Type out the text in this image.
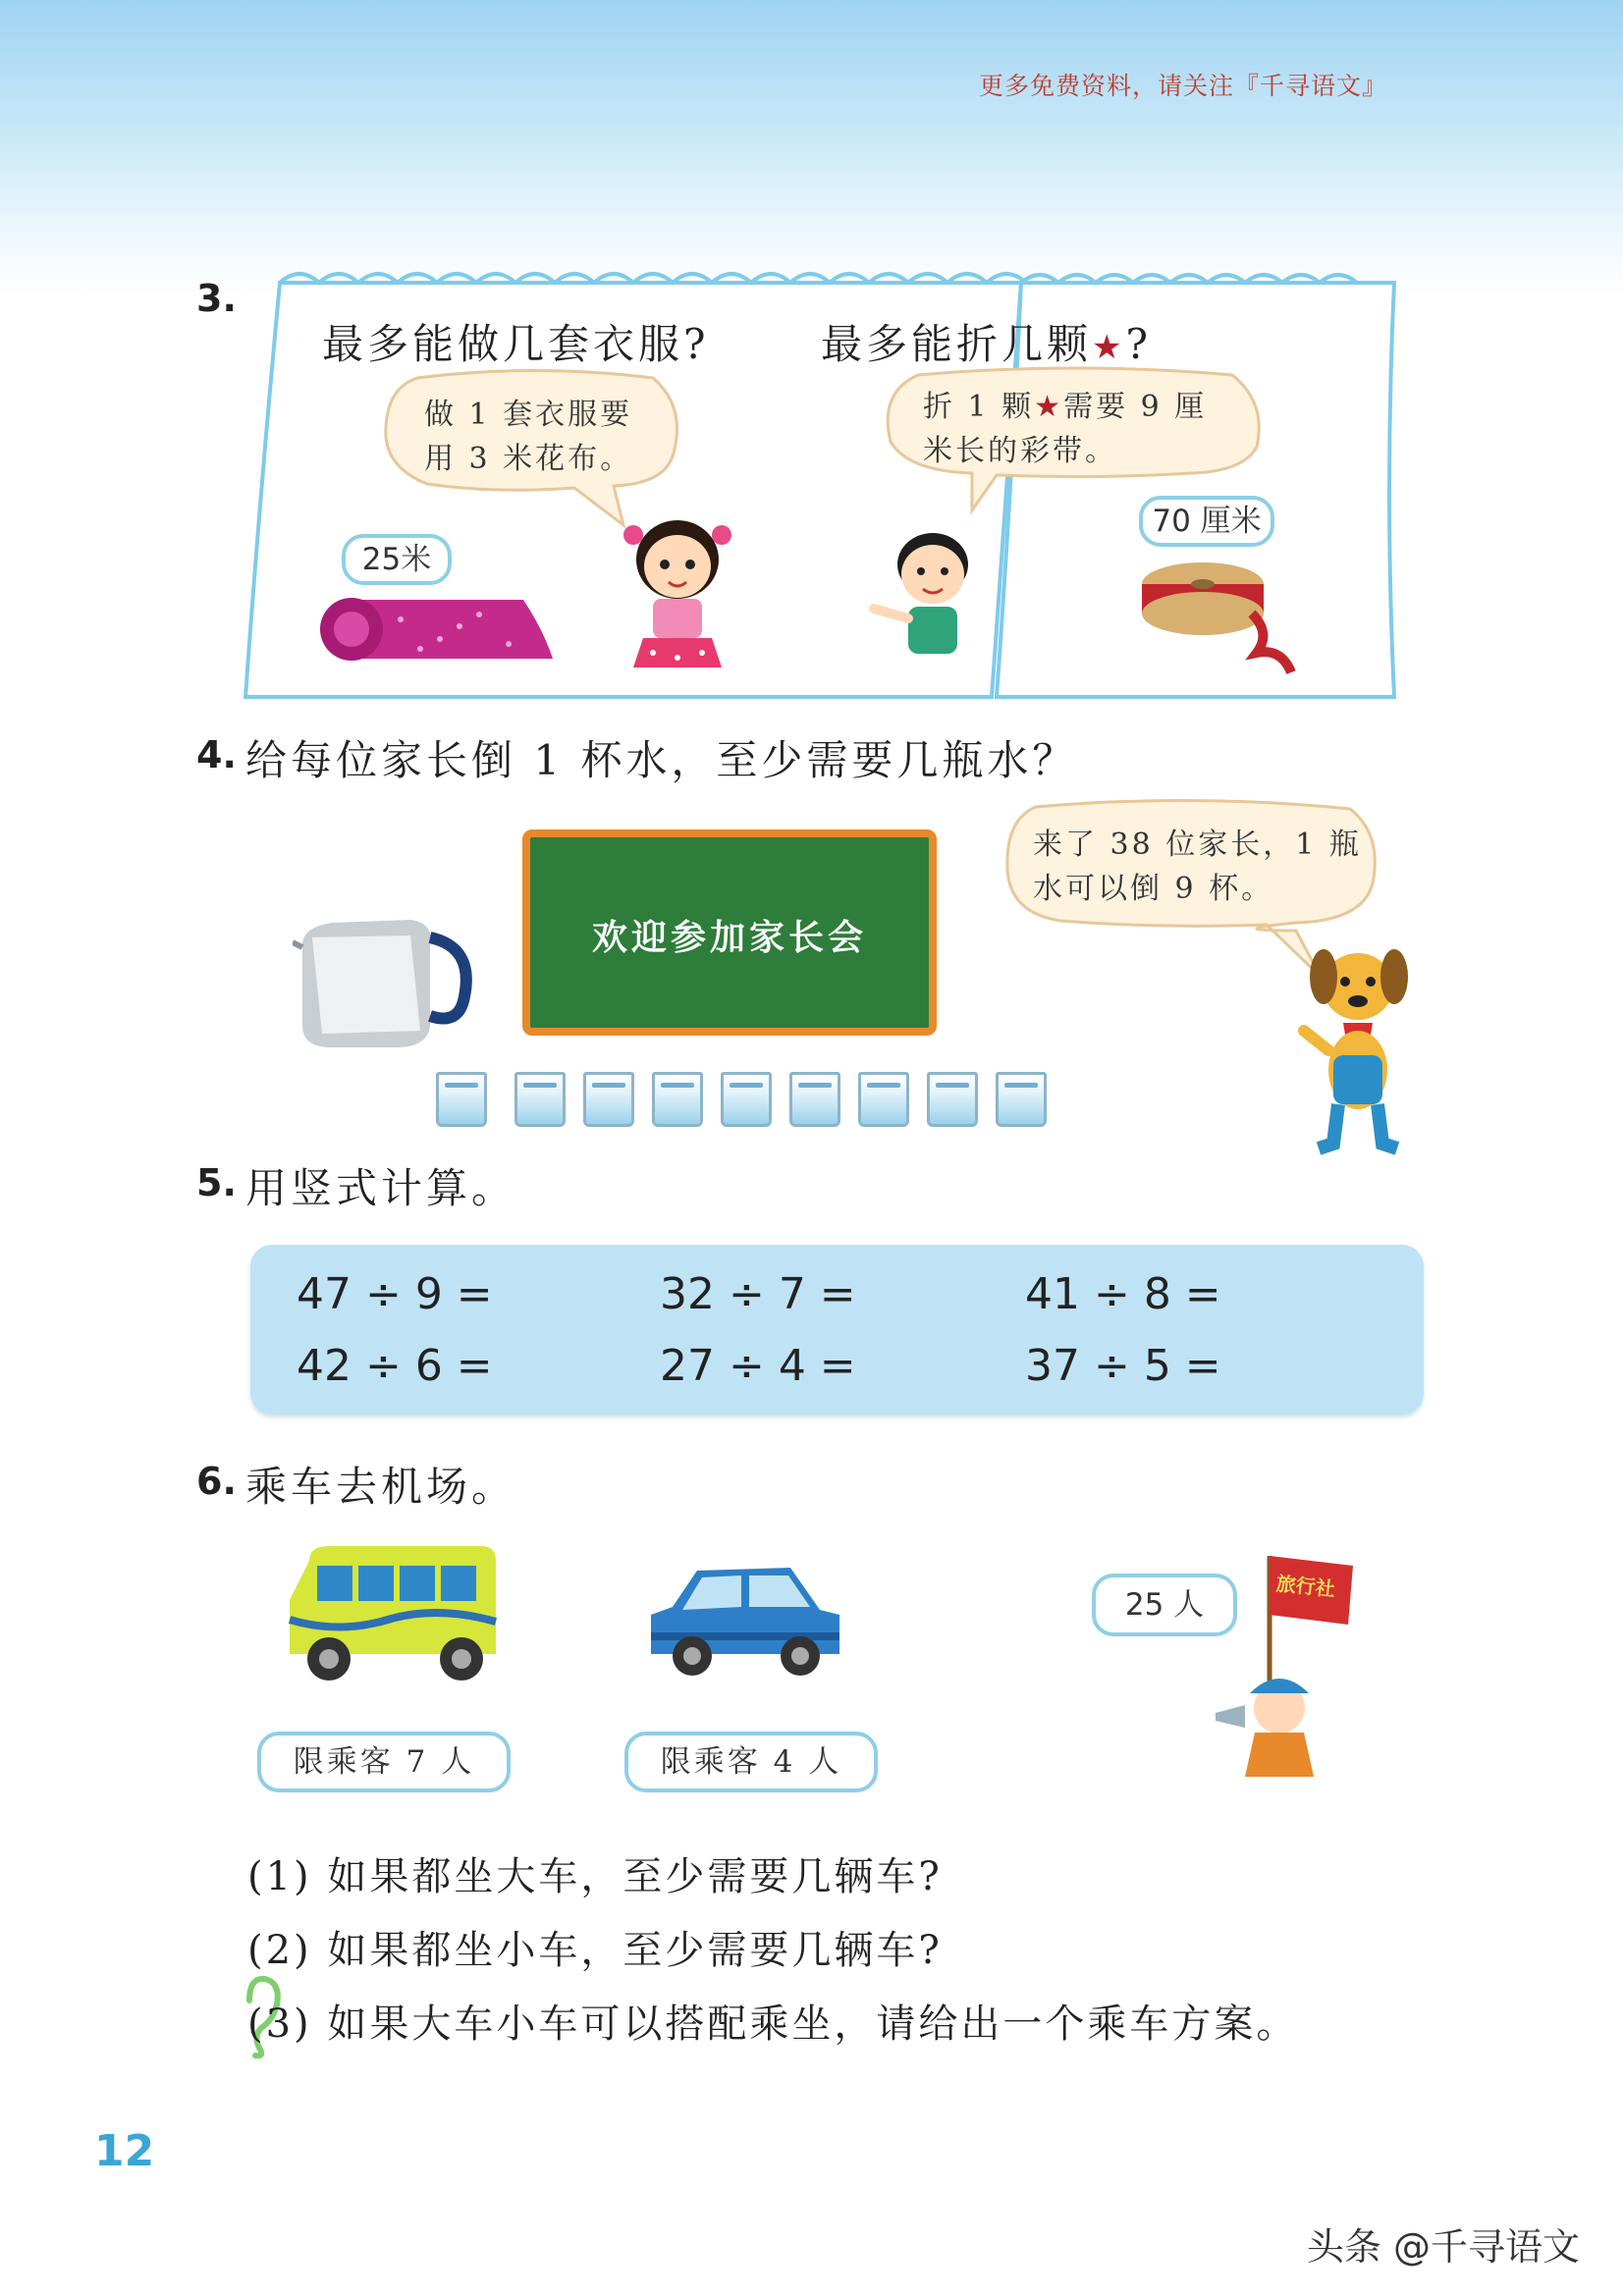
更多免费资料，请关注『千寻语文』
3.
最多能做几套衣服?
做 1 套衣服要
用 3 米花布。
25米
最多能折几颗★?
折 1 颗★需要 9 厘
米长的彩带。
70 厘米
4. 给每位家长倒 1 杯水，至少需要几瓶水？
欢迎参加家长会
来了 38 位家长，1 瓶
水可以倒 9 杯。
5. 用竖式计算。
47 ÷ 9 =	32 ÷ 7 =	41 ÷ 8 =
42 ÷ 6 =	27 ÷ 4 =	37 ÷ 5 =
6. 乘车去机场。
限乘客 7 人	限乘客 4 人
25 人
旅行社
(1) 如果都坐大车，至少需要几辆车?
(2) 如果都坐小车，至少需要几辆车?
(3) 如果大车小车可以搭配乘坐，请给出一个乘车方案。
12
头条 @千寻语文
